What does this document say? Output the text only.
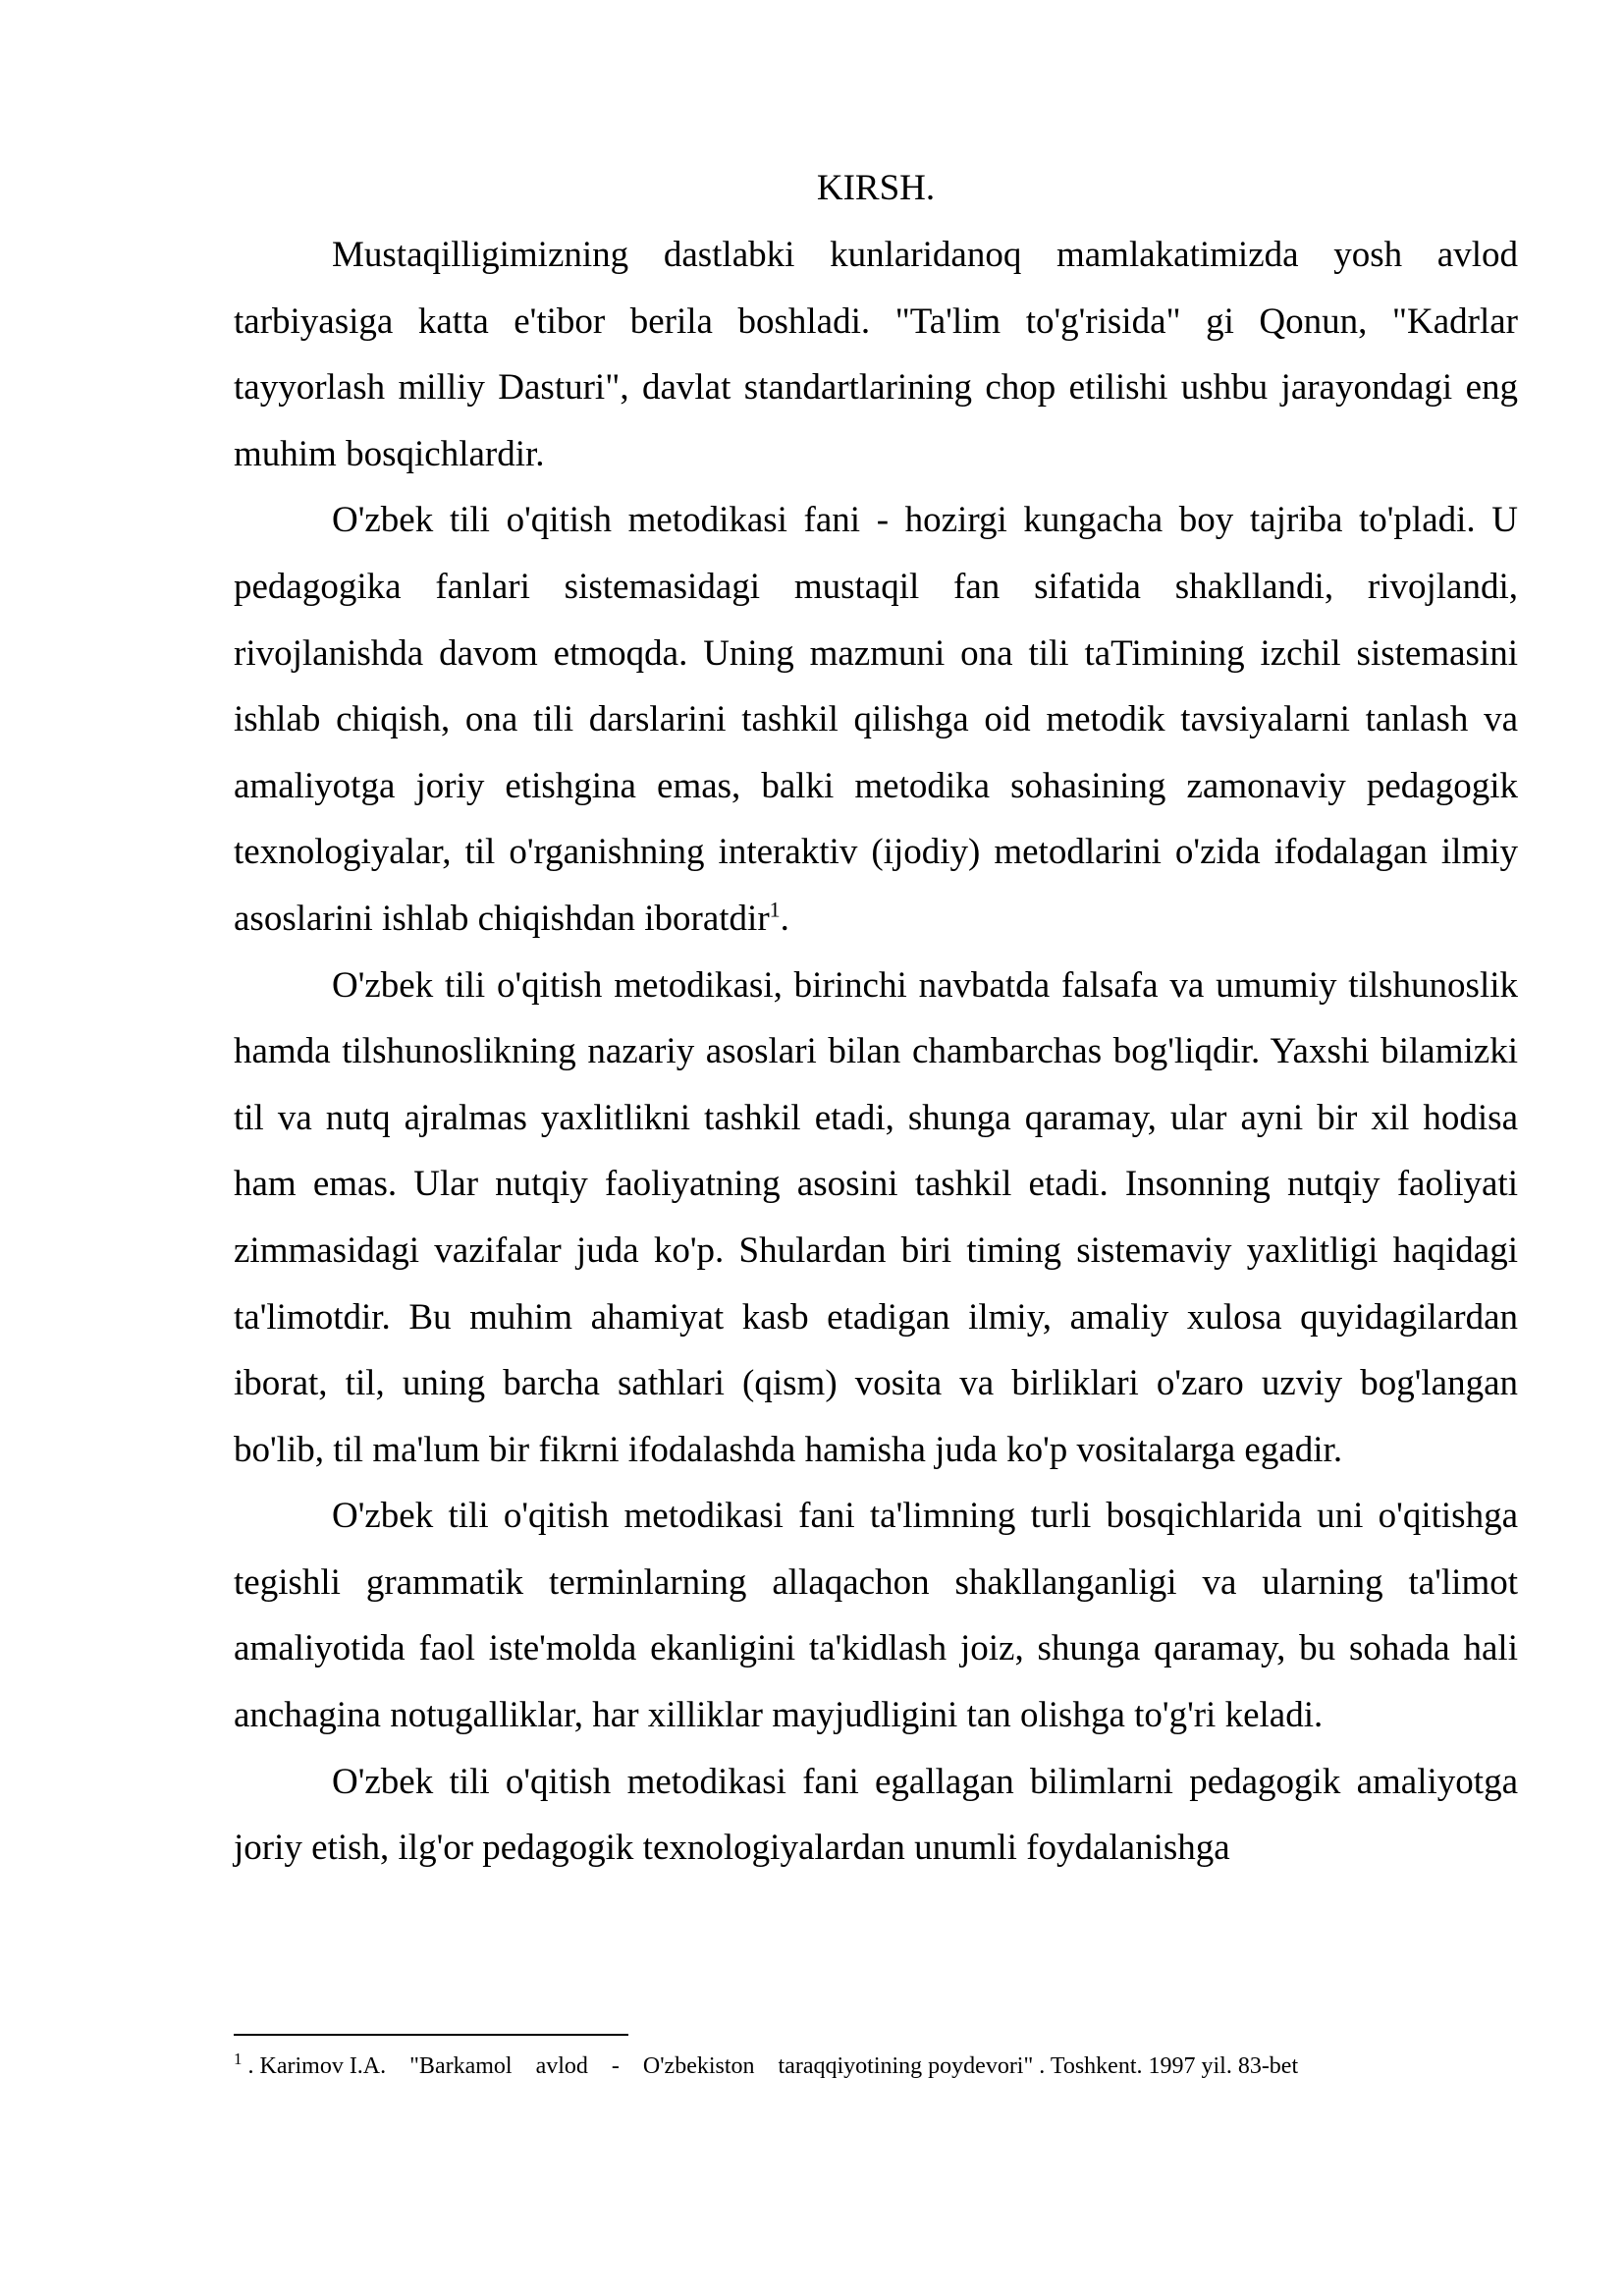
KIRSH.

Mustaqilligimizning dastlabki kunlaridanoq mamlakatimizda yosh avlod tarbiyasiga katta e'tibor berila boshladi. "Ta'lim to'g'risida" gi Qonun, "Kadrlar tayyorlash milliy Dasturi", davlat standartlarining chop etilishi ushbu jarayondagi eng muhim bosqichlardir.

O'zbek tili o'qitish metodikasi fani - hozirgi kungacha boy tajriba to'pladi. U pedagogika fanlari sistemasidagi mustaqil fan sifatida shakllandi, rivojlandi, rivojlanishda davom etmoqda. Uning mazmuni ona tili taTimining izchil sistemasini ishlab chiqish, ona tili darslarini tashkil qilishga oid metodik tavsiyalarni tanlash va amaliyotga joriy etishgina emas, balki metodika sohasining zamonaviy pedagogik texnologiyalar, til o'rganishning interaktiv (ijodiy) metodlarini o'zida ifodalagan ilmiy asoslarini ishlab chiqishdan iboratdir$^1$.

O'zbek tili o'qitish metodikasi, birinchi navbatda falsafa va umumiy tilshunoslik hamda tilshunoslikning nazariy asoslari bilan chambarchas bog'liqdir. Yaxshi bilamizki til va nutq ajralmas yaxlitlikni tashkil etadi, shunga qaramay, ular ayni bir xil hodisa ham emas. Ular nutqiy faoliyatning asosini tashkil etadi. Insonning nutqiy faoliyati zimmasidagi vazifalar juda ko'p. Shulardan biri timing sistemaviy yaxlitligi haqidagi ta'limotdir. Bu muhim ahamiyat kasb etadigan ilmiy, amaliy xulosa quyidagilardan iborat, til, uning barcha sathlari (qism) vosita va birliklari o'zaro uzviy bog'langan bo'lib, til ma'lum bir fikrni ifodalashda hamisha juda ko'p vositalarga egadir.

O'zbek tili o'qitish metodikasi fani ta'limning turli bosqichlarida uni o'qitishga tegishli grammatik terminlarning allaqachon shakllanganligi va ularning ta'limot amaliyotida faol iste'molda ekanligini ta'kidlash joiz, shunga qaramay, bu sohada hali anchagina notugalliklar, har xilliklar mayjudligini tan olishga to'g'ri keladi.

O'zbek tili o'qitish metodikasi fani egallagan bilimlarni pedagogik amaliyotga joriy etish, ilg'or pedagogik texnologiyalardan unumli foydalanishga

$^1$ . Karimov I.A.    "Barkamol    avlod    -    O'zbekiston    taraqqiyotining poydevori" . Toshkent. 1997 yil. 83-bet
